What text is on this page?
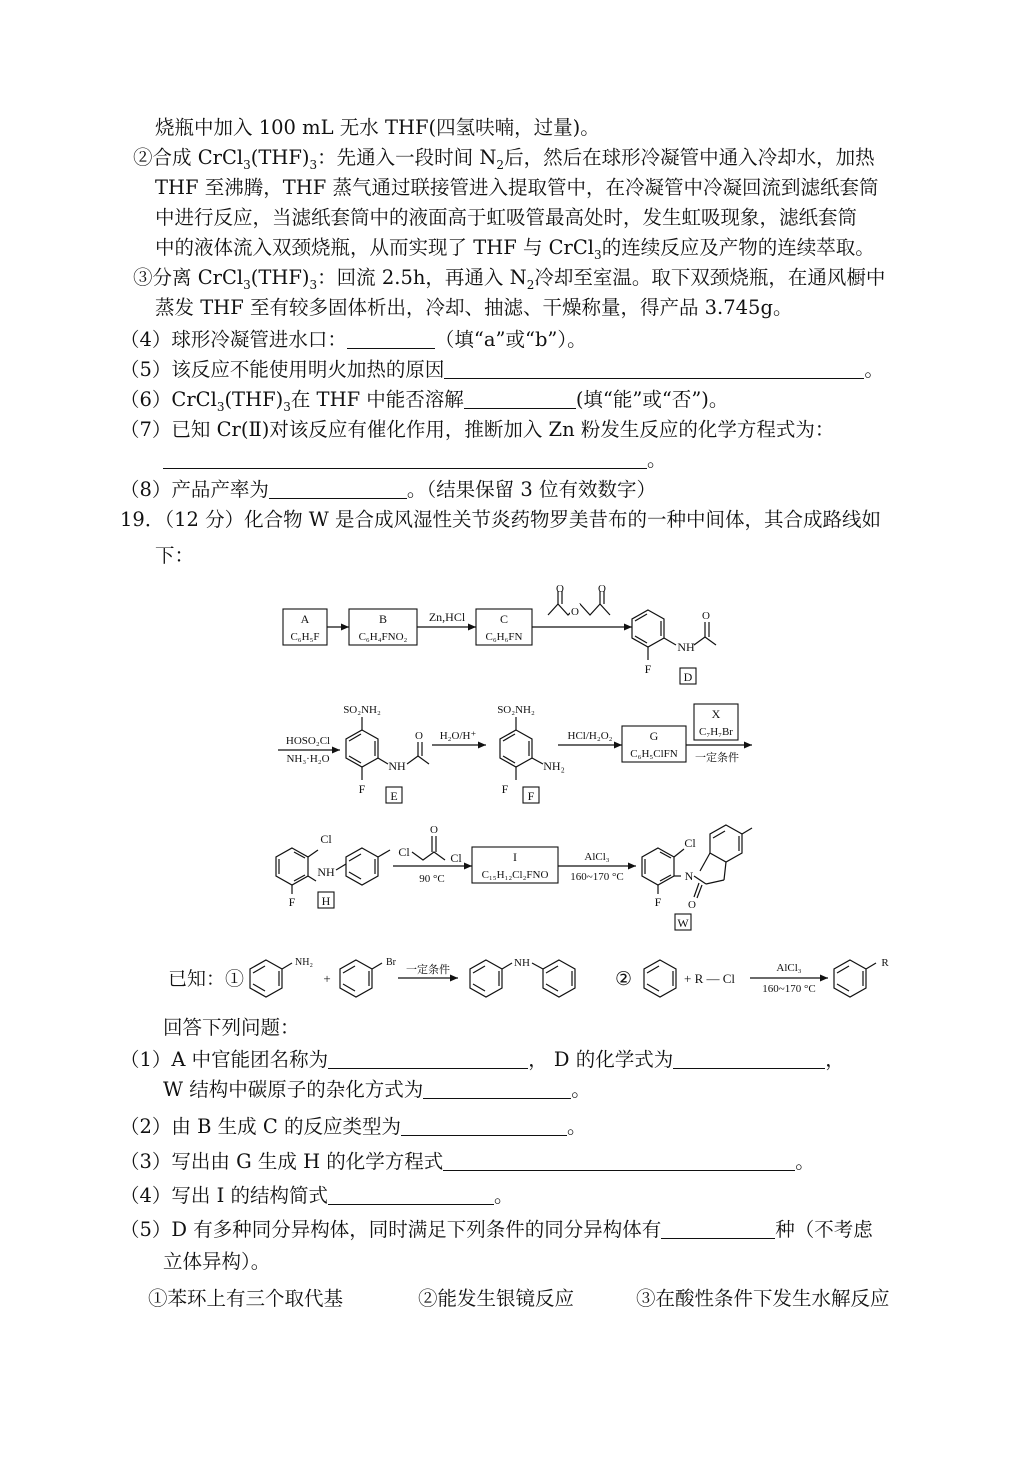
烧瓶中加入 100 mL 无水 THF(四氢呋喃，过量)。
②合成 $CrCl_3(THF)_3$：先通入一段时间 $N_2$后，然后在球形冷凝管中通入冷却水，加热
THF 至沸腾，THF 蒸气通过联接管进入提取管中，在冷凝管中冷凝回流到滤纸套筒
中进行反应，当滤纸套筒中的液面高于虹吸管最高处时，发生虹吸现象，滤纸套筒
中的液体流入双颈烧瓶，从而实现了 THF 与 CrCl$_3$的连续反应及产物的连续萃取。
③分离 $CrCl_3(THF)_3$：回流 2.5h，再通入 $N_2$冷却至室温。取下双颈烧瓶，在通风橱中
蒸发 THF 至有较多固体析出，冷却、抽滤、干燥称量，得产品 3.745g。
（4）球形冷凝管进水口：	（填“a”或“b”）。
（5）该反应不能使用明火加热的原因	。
$(6)CrCl_3(THF)_3$在 THF 中能否溶解	(填“能”或“否”)。
（7）已知 Cr(Ⅱ)对该反应有催化作用，推断加入 Zn 粉发生反应的化学方程式为：
。
（8）产品产率为	。（结果保留 3 位有效数字）
19．（12 分）化合物 W 是合成风湿性关节炎药物罗美昔布的一种中间体，其合成路线如
下：
A
C₆H₅F
B
C₆H₄FNO₂
Zn,HCl	C
C₆H₆FN
O
O	O
NH
O
F
D
HOSO₂Cl
NH₃·H₂O
SO₂NH₂
NH
O
F E
H₂O/H⁺
SO₂NH₂
NH₂
F F
HCl/H₂O₂	G
C₆H₅ClFN
X
C₇H₇Br
一定条件
Cl
NH
F H
Cl	Cl
O
90 °C
I
C₁₅H₁₂Cl₂FNO
AlCl₃
160~170 °C
Cl
N
O
F
W
已知：①
NH₂
+
Br
一定条件
NH
②	+ R — Cl
AlCl₃
160~170 °C
R
回答下列问题：
（1）A 中官能团名称为	， D 的化学式为	，
W 结构中碳原子的杂化方式为	。
（2）由 B 生成 C 的反应类型为	。
（3）写出由 G 生成 H 的化学方程式	。
（4）写出 I 的结构简式	。
（5）D 有多种同分异构体，同时满足下列条件的同分异构体有	种（不考虑
立体异构）。
①苯环上有三个取代基	②能发生银镜反应	③在酸性条件下发生水解反应
